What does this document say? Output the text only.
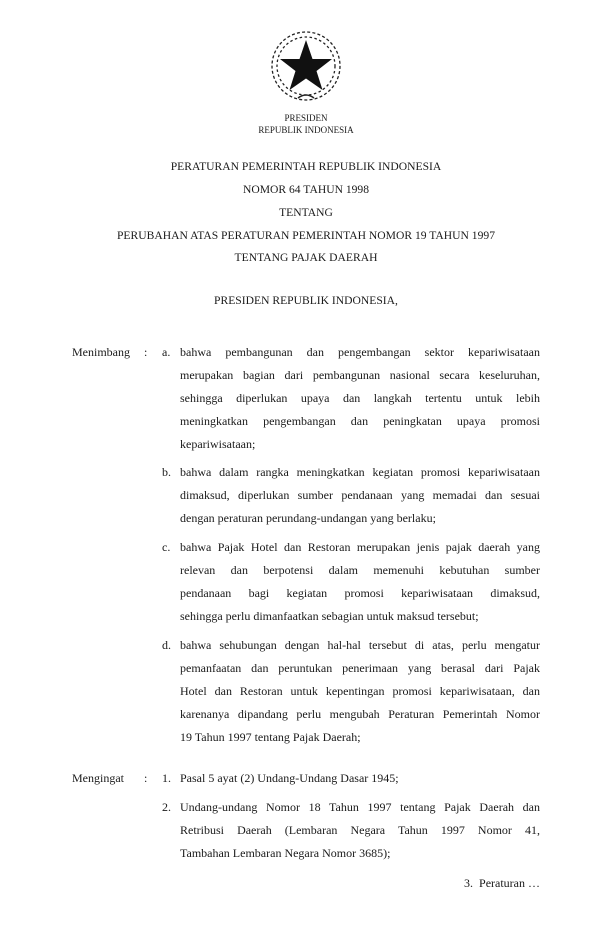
PRESIDEN
REPUBLIK INDONESIA
PERATURAN PEMERINTAH REPUBLIK INDONESIA
NOMOR 64 TAHUN 1998
TENTANG
PERUBAHAN ATAS PERATURAN PEMERINTAH NOMOR 19 TAHUN 1997
TENTANG PAJAK DAERAH
PRESIDEN REPUBLIK INDONESIA,
Menimbang : a. bahwa pembangunan dan pengembangan sektor kepariwisataan
merupakan bagian dari pembangunan nasional secara keseluruhan,
sehingga diperlukan upaya dan langkah tertentu untuk lebih
meningkatkan pengembangan dan peningkatan upaya promosi
kepariwisataan;
b. bahwa dalam rangka meningkatkan kegiatan promosi kepariwisataan
dimaksud, diperlukan sumber pendanaan yang memadai dan sesuai
dengan peraturan perundang-undangan yang berlaku;
c. bahwa Pajak Hotel dan Restoran merupakan jenis pajak daerah yang
relevan dan berpotensi dalam memenuhi kebutuhan sumber
pendanaan bagi kegiatan promosi kepariwisataan dimaksud,
sehingga perlu dimanfaatkan sebagian untuk maksud tersebut;
d. bahwa sehubungan dengan hal-hal tersebut di atas, perlu mengatur
pemanfaatan dan peruntukan penerimaan yang berasal dari Pajak
Hotel dan Restoran untuk kepentingan promosi kepariwisataan, dan
karenanya dipandang perlu mengubah Peraturan Pemerintah Nomor
19 Tahun 1997 tentang Pajak Daerah;
Mengingat : 1. Pasal 5 ayat (2) Undang-Undang Dasar 1945;
2. Undang-undang Nomor 18 Tahun 1997 tentang Pajak Daerah dan
Retribusi Daerah (Lembaran Negara Tahun 1997 Nomor 41,
Tambahan Lembaran Negara Nomor 3685);
3.  Peraturan …
